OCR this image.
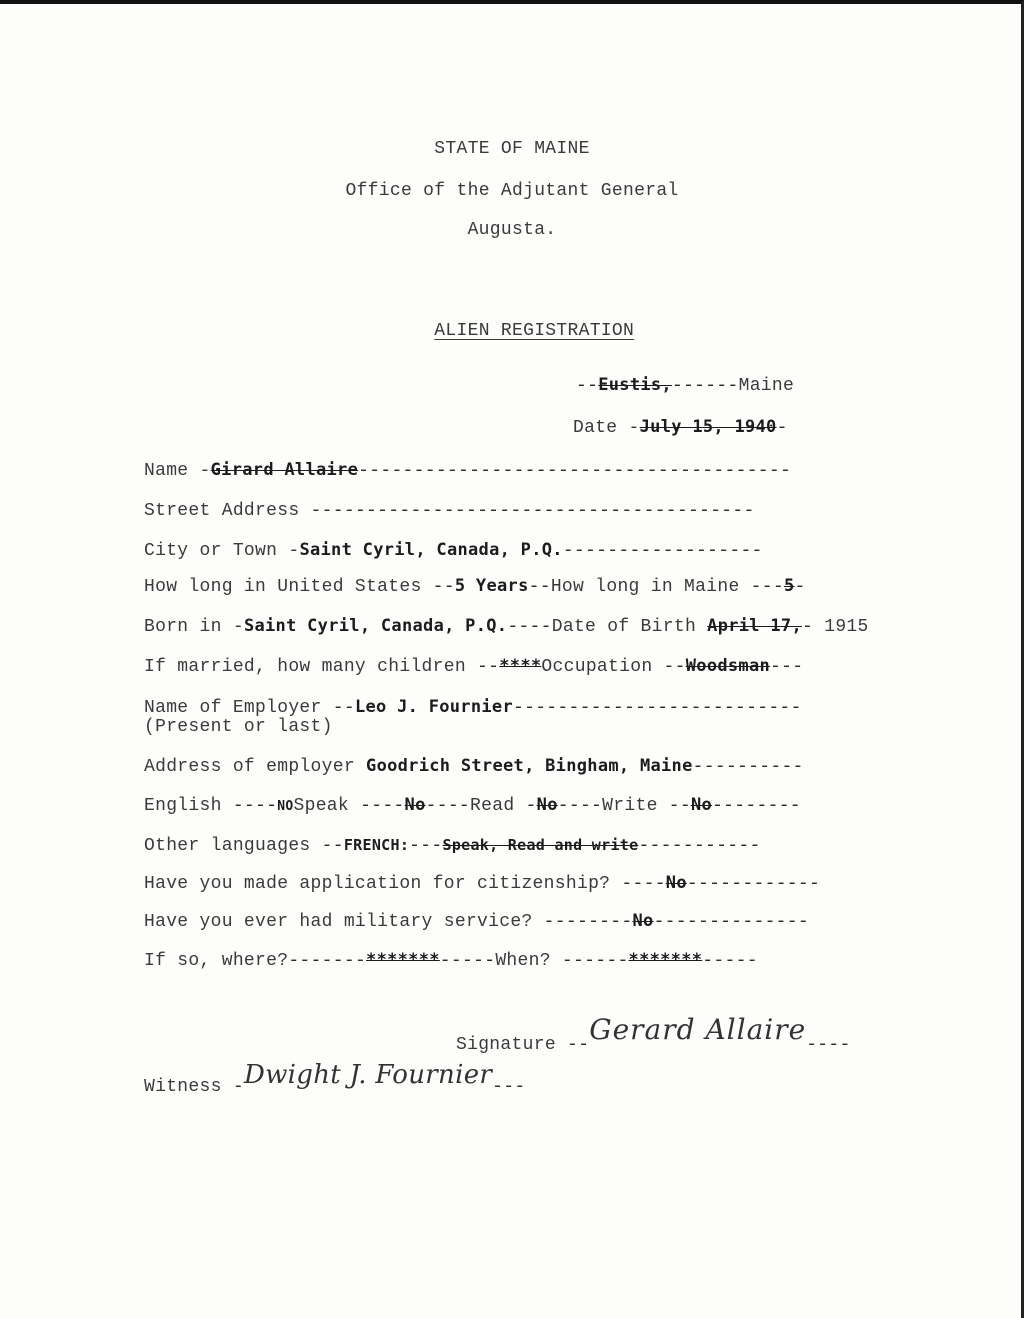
STATE OF MAINE
Office of the Adjutant General
Augusta.

ALIEN REGISTRATION

--Eustis,------Maine
Date -July 15, 1940-
Name -Girard Allaire---------------------------------------
Street Address ----------------------------------------
City or Town -Saint Cyril, Canada, P.Q.------------------
How long in United States --5 Years--How long in Maine ---5-
Born in -Saint Cyril, Canada, P.Q.----Date of Birth April 17,- 1915
If married, how many children --****Occupation --Woodsman---
Name of Employer --Leo J. Fournier--------------------------
(Present or last)
Address of employer Goodrich Street, Bingham, Maine----------
English ----NOSpeak ----No----Read -No----Write --No--------
Other languages --FRENCH:---Speak, Read and write-----------
Have you made application for citizenship? ----No------------
Have you ever had military service? --------No--------------
If so, where?-------*******-----When? ------*******-----
Signature --Gerard Allaire----
Witness -Dwight J. Fournier---
